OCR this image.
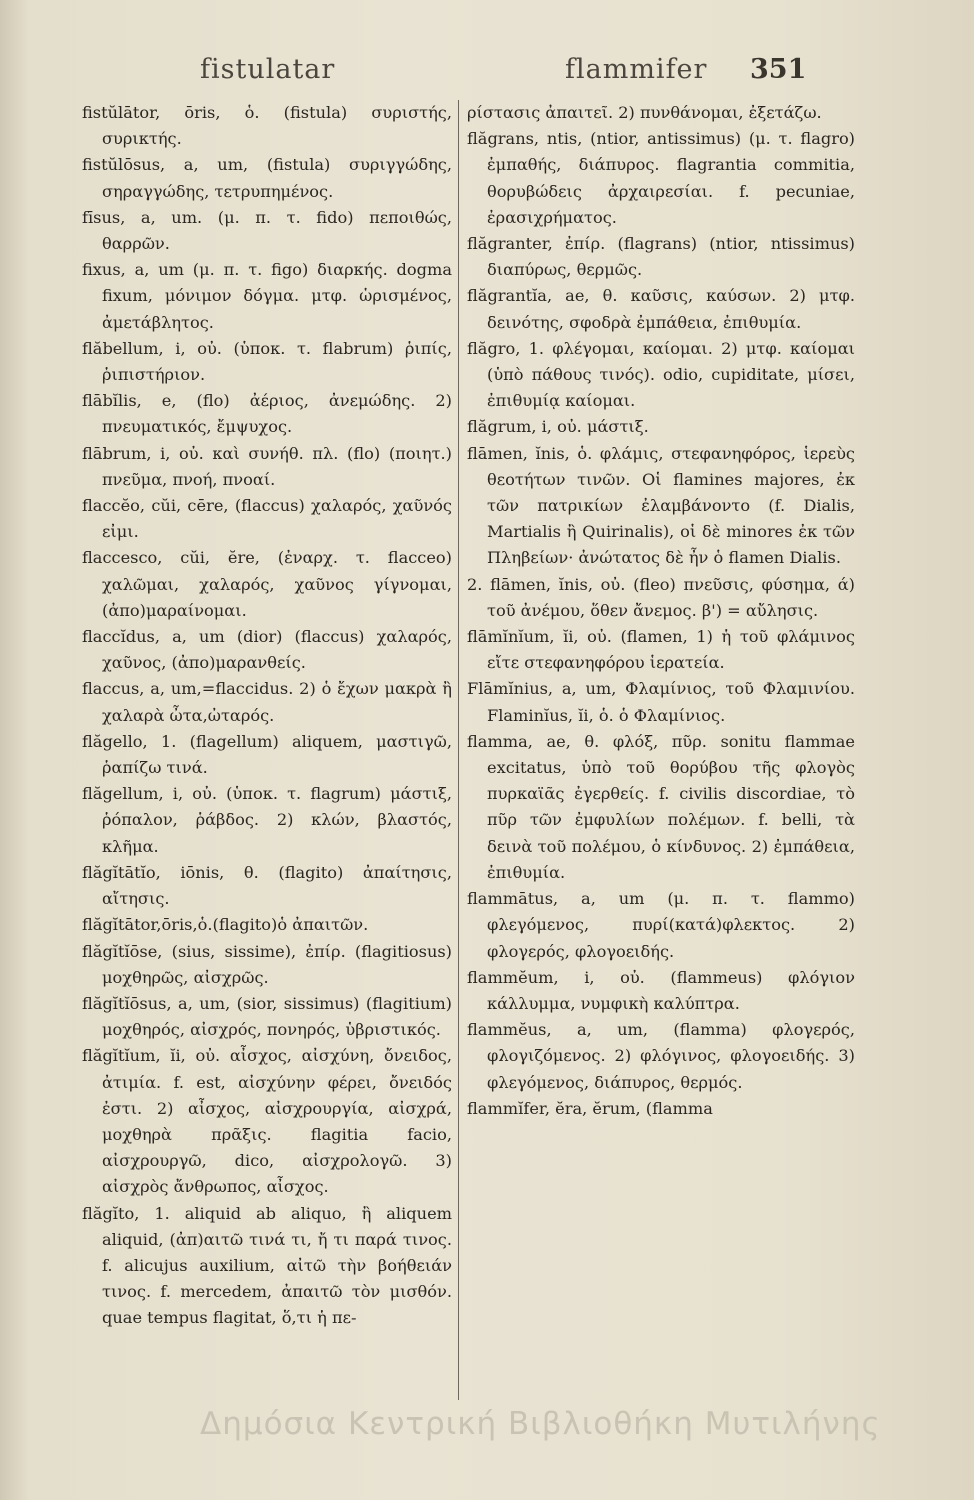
fistulatar	flammifer 351

fistŭlātor, ōris, ὁ. (fistula) συριστής, συρικτής.

fistŭlōsus, a, um, (fistula) συριγγώδης, σηραγγώδης, τετρυπημένος.

fīsus, a, um. (μ. π. τ. fido) πεποιθώς, θαρρῶν.

fixus, a, um (μ. π. τ. figo) διαρκής. dogma fixum, μόνιμον δόγμα. μτφ. ὡρισμένος, ἀμετάβλητος.

flăbellum, i, οὐ. (ὑποκ. τ. flabrum) ῥιπίς, ῥιπιστήριον.

flābĭlis, e, (flo) ἀέριος, ἀνεμώδης. 2) πνευματικός, ἔμψυχος.

flābrum, i, οὐ. καὶ συνήθ. πλ. (flo) (ποιητ.) πνεῦμα, πνοή, πνοαί.

flaccĕo, cŭi, cēre, (flaccus) χαλαρός, χαῦνός εἰμι.

flaccesco, cŭi, ĕre, (ἐναρχ. τ. flacceo) χαλῶμαι, χαλαρός, χαῦνος γίγνομαι, (ἀπο)μαραίνομαι.

flaccĭdus, a, um (dior) (flaccus) χαλαρός, χαῦνος, (ἀπο)μαρανθείς.

flaccus, a, um,=flaccidus. 2) ὁ ἔχων μακρὰ ἢ χαλαρὰ ὦτα,ὠταρός.

flăgello, 1. (flagellum) aliquem, μαστιγῶ, ῥαπίζω τινά.

flăgellum, i, οὐ. (ὑποκ. τ. flagrum) μάστιξ, ῥόπαλον, ῥάβδος. 2) κλών, βλαστός, κλῆμα.

flăgĭtātĭo, iōnis, θ. (flagito) ἀπαίτησις, αἴτησις.

flăgĭtātor,ōris,ὁ.(flagito)ὁ ἀπαιτῶν.

flăgĭtĭōse, (sius, sissime), ἐπίρ. (flagitiosus) μοχθηρῶς, αἰσχρῶς.

flăgĭtĭōsus, a, um, (sior, sissimus) (flagitium) μοχθηρός, αἰσχρός, πονηρός, ὑβριστικός.

flăgĭtĭum, ĭi, οὐ. αἶσχος, αἰσχύνη, ὄνειδος, ἀτιμία. f. est, αἰσχύνην φέρει, ὄνειδός ἐστι. 2) αἶσχος, αἰσχρουργία, αἰσχρά, μοχθηρὰ πρᾶξις. flagitia facio, αἰσχρουργῶ, dico, αἰσχρολογῶ. 3) αἰσχρὸς ἄνθρωπος, αἶσχος.

flăgĭto, 1. aliquid ab aliquo, ἢ aliquem aliquid, (ἀπ)αιτῶ τινά τι, ἤ τι παρά τινος. f. alicujus auxilium, αἰτῶ τὴν βοήθειάν τινος. f. mercedem, ἀπαιτῶ τὸν μισθόν. quae tempus flagitat, ὅ,τι ἡ πε-

ρίστασις ἀπαιτεῖ. 2) πυνθάνομαι, ἐξετάζω.

flăgrans, ntis, (ntior, antissimus) (μ. τ. flagro) ἐμπαθής, διάπυρος. flagrantia commitia, θορυβώδεις ἀρχαιρεσίαι. f. pecuniae, ἐρασιχρήματος.

flăgranter, ἐπίρ. (flagrans) (ntior, ntissimus) διαπύρως, θερμῶς.

flăgrantĭa, ae, θ. καῦσις, καύσων. 2) μτφ. δεινότης, σφοδρὰ ἐμπάθεια, ἐπιθυμία.

flăgro, 1. φλέγομαι, καίομαι. 2) μτφ. καίομαι (ὑπὸ πάθους τινός). odio, cupiditate, μίσει, ἐπιθυμίᾳ καίομαι.

flăgrum, i, οὐ. μάστιξ.

flāmen, ĭnis, ὁ. φλάμις, στεφανηφόρος, ἱερεὺς θεοτήτων τινῶν. Οἱ flamines majores, ἐκ τῶν πατρικίων ἐλαμβάνοντο (f. Dialis, Martialis ἢ Quirinalis), οἱ δὲ minores ἐκ τῶν Πληβείων· ἀνώτατος δὲ ἦν ὁ flamen Dialis.

2. flāmen, ĭnis, οὐ. (fleo) πνεῦσις, φύσημα, ά) τοῦ ἀνέμου, ὅθεν ἄνεμος. β') = αὔλησις.

flāmĭnĭum, ĭi, οὐ. (flamen, 1) ἡ τοῦ φλάμινος εἴτε στεφανηφόρου ἱερατεία.

Flāmĭnius, a, um, Φλαμίνιος, τοῦ Φλαμινίου. Flaminĭus, ĭi, ὁ. ὁ Φλαμίνιος.

flamma, ae, θ. φλόξ, πῦρ. sonitu flammae excitatus, ὑπὸ τοῦ θορύβου τῆς φλογὸς πυρκαϊᾶς ἐγερθείς. f. civilis discordiae, τὸ πῦρ τῶν ἐμφυλίων πολέμων. f. belli, τὰ δεινὰ τοῦ πολέμου, ὁ κίνδυνος. 2) ἐμπάθεια, ἐπιθυμία.

flammātus, a, um (μ. π. τ. flammo) φλεγόμενος, πυρί(κατά)φλεκτος. 2) φλογερός, φλογοειδής.

flammĕum, i, οὐ. (flammeus) φλόγιον κάλλυμμα, νυμφικὴ καλύπτρα.

flammĕus, a, um, (flamma) φλογερός, φλογιζόμενος. 2) φλόγινος, φλογοειδής. 3) φλεγόμενος, διάπυρος, θερμός.

flammĭfer, ĕra, ĕrum, (flamma

Δημόσια Κεντρική Βιβλιοθήκη Μυτιλήνης
